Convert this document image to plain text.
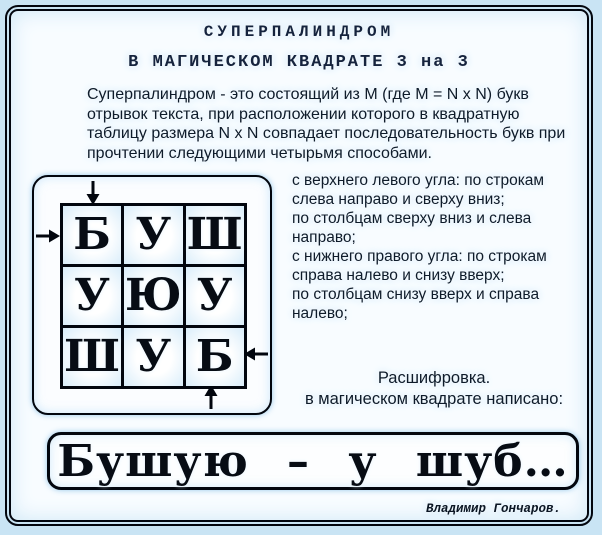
СУПЕРПАЛИНДРОМ
В МАГИЧЕСКОМ КВАДРАТЕ 3 на 3
Суперпалиндром - это состоящий из М (где М = N х N) букв отрывок текста, при расположении которого в квадратную таблицу размера N х N совпадает последовательность букв при прочтении следующими четырьмя способами.
Б	У	Ш
У	Ю	У
Ш	У	Б
с верхнего левого угла: по строкам слева направо и сверху вниз;
по столбцам сверху вниз и слева направо;
с нижнего правого угла: по строкам справа налево и снизу вверх;
по столбцам снизу вверх и справа налево;
Расшифровка.
в магическом квадрате написано:
Бушую – у шуб…
Владимир Гончаров.
